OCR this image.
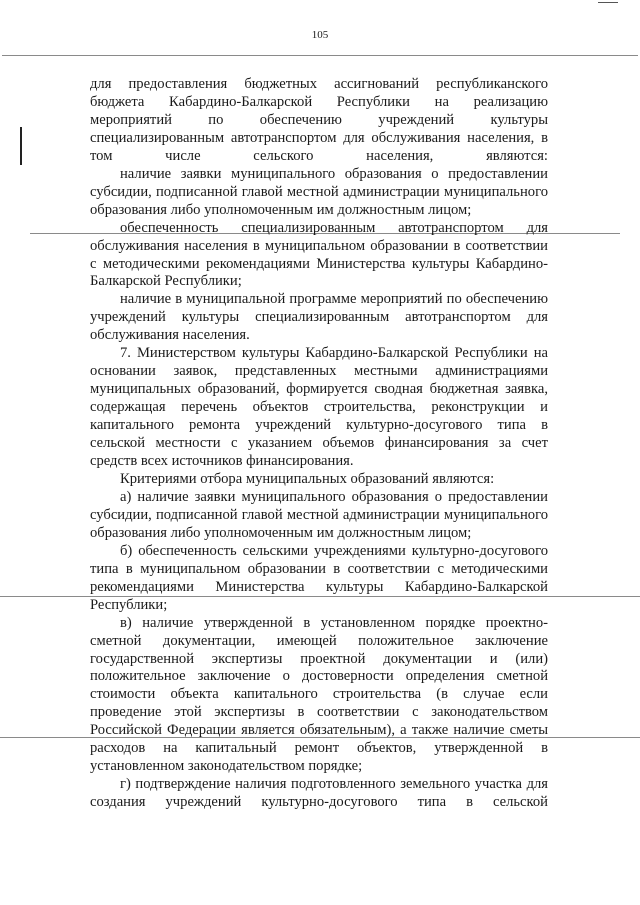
105

для предоставления бюджетных ассигнований республиканского бюджета Кабардино-Балкарской Республики на реализацию мероприятий по обеспечению учреждений культуры специализированным автотранспортом для обслуживания населения, в том числе сельского населения, являются:

наличие заявки муниципального образования о предоставлении субсидии, подписанной главой местной администрации муниципального образования либо уполномоченным им должностным лицом;

обеспеченность специализированным автотранспортом для обслуживания населения в муниципальном образовании в соответствии с методическими рекомендациями Министерства культуры Кабардино-Балкарской Республики;

наличие в муниципальной программе мероприятий по обеспечению учреждений культуры специализированным автотранспортом для обслуживания населения.

7. Министерством культуры Кабардино-Балкарской Республики на основании заявок, представленных местными администрациями муниципальных образований, формируется сводная бюджетная заявка, содержащая перечень объектов строительства, реконструкции и капитального ремонта учреждений культурно-досугового типа в сельской местности с указанием объемов финансирования за счет средств всех источников финансирования.

Критериями отбора муниципальных образований являются:

а) наличие заявки муниципального образования о предоставлении субсидии, подписанной главой местной администрации муниципального образования либо уполномоченным им должностным лицом;

б) обеспеченность сельскими учреждениями культурно-досугового типа в муниципальном образовании в соответствии с методическими рекомендациями Министерства культуры Кабардино-Балкарской Республики;

в) наличие утвержденной в установленном порядке проектно-сметной документации, имеющей положительное заключение государственной экспертизы проектной документации и (или) положительное заключение о достоверности определения сметной стоимости объекта капитального строительства (в случае если проведение этой экспертизы в соответствии с законодательством Российской Федерации является обязательным), а также наличие сметы расходов на капитальный ремонт объектов, утвержденной в установленном законодательством порядке;

г) подтверждение наличия подготовленного земельного участка для создания учреждений культурно-досугового типа в сельской
